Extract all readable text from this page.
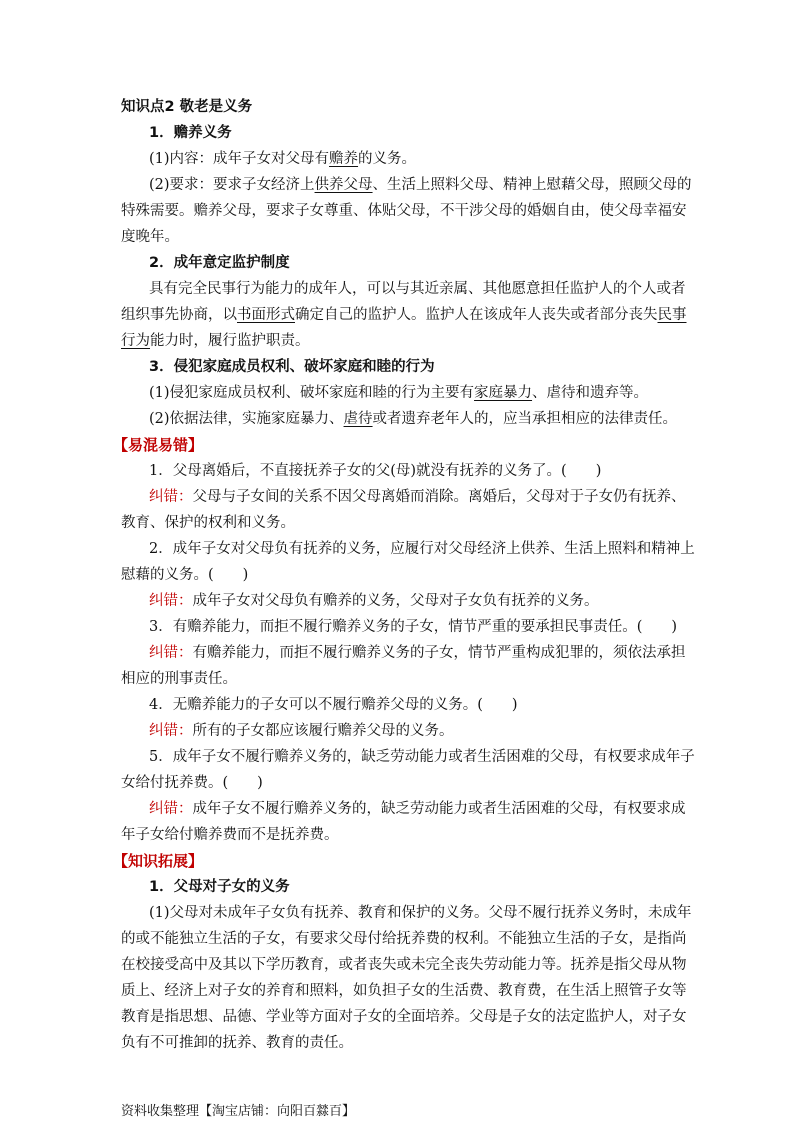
知识点2 敬老是义务
1．赡养义务
(1)内容：成年子女对父母有赡养的义务。
(2)要求：要求子女经济上供养父母、生活上照料父母、精神上慰藉父母，照顾父母的
特殊需要。赡养父母，要求子女尊重、体贴父母，不干涉父母的婚姻自由，使父母幸福安
度晚年。
2．成年意定监护制度
具有完全民事行为能力的成年人，可以与其近亲属、其他愿意担任监护人的个人或者
组织事先协商，以书面形式确定自己的监护人。监护人在该成年人丧失或者部分丧失民事
行为能力时，履行监护职责。
3．侵犯家庭成员权利、破坏家庭和睦的行为
(1)侵犯家庭成员权利、破坏家庭和睦的行为主要有家庭暴力、虐待和遗弃等。
(2)依据法律，实施家庭暴力、虐待或者遗弃老年人的，应当承担相应的法律责任。
【易混易错】
1．父母离婚后，不直接抚养子女的父(母)就没有抚养的义务了。(　　)
纠错：父母与子女间的关系不因父母离婚而消除。离婚后，父母对于子女仍有抚养、
教育、保护的权利和义务。
2．成年子女对父母负有抚养的义务，应履行对父母经济上供养、生活上照料和精神上
慰藉的义务。(　　)
纠错：成年子女对父母负有赡养的义务，父母对子女负有抚养的义务。
3．有赡养能力，而拒不履行赡养义务的子女，情节严重的要承担民事责任。(　　)
纠错：有赡养能力，而拒不履行赡养义务的子女，情节严重构成犯罪的，须依法承担
相应的刑事责任。
4．无赡养能力的子女可以不履行赡养父母的义务。(　　)
纠错：所有的子女都应该履行赡养父母的义务。
5．成年子女不履行赡养义务的，缺乏劳动能力或者生活困难的父母，有权要求成年子
女给付抚养费。(　　)
纠错：成年子女不履行赡养义务的，缺乏劳动能力或者生活困难的父母，有权要求成
年子女给付赡养费而不是抚养费。
【知识拓展】
1．父母对子女的义务
(1)父母对未成年子女负有抚养、教育和保护的义务。父母不履行抚养义务时，未成年
的或不能独立生活的子女，有要求父母付给抚养费的权利。不能独立生活的子女，是指尚
在校接受高中及其以下学历教育，或者丧失或未完全丧失劳动能力等。抚养是指父母从物
质上、经济上对子女的养育和照料，如负担子女的生活费、教育费，在生活上照管子女等
教育是指思想、品德、学业等方面对子女的全面培养。父母是子女的法定监护人，对子女
负有不可推卸的抚养、教育的责任。
资料收集整理【淘宝店铺：向阳百㵘百】
